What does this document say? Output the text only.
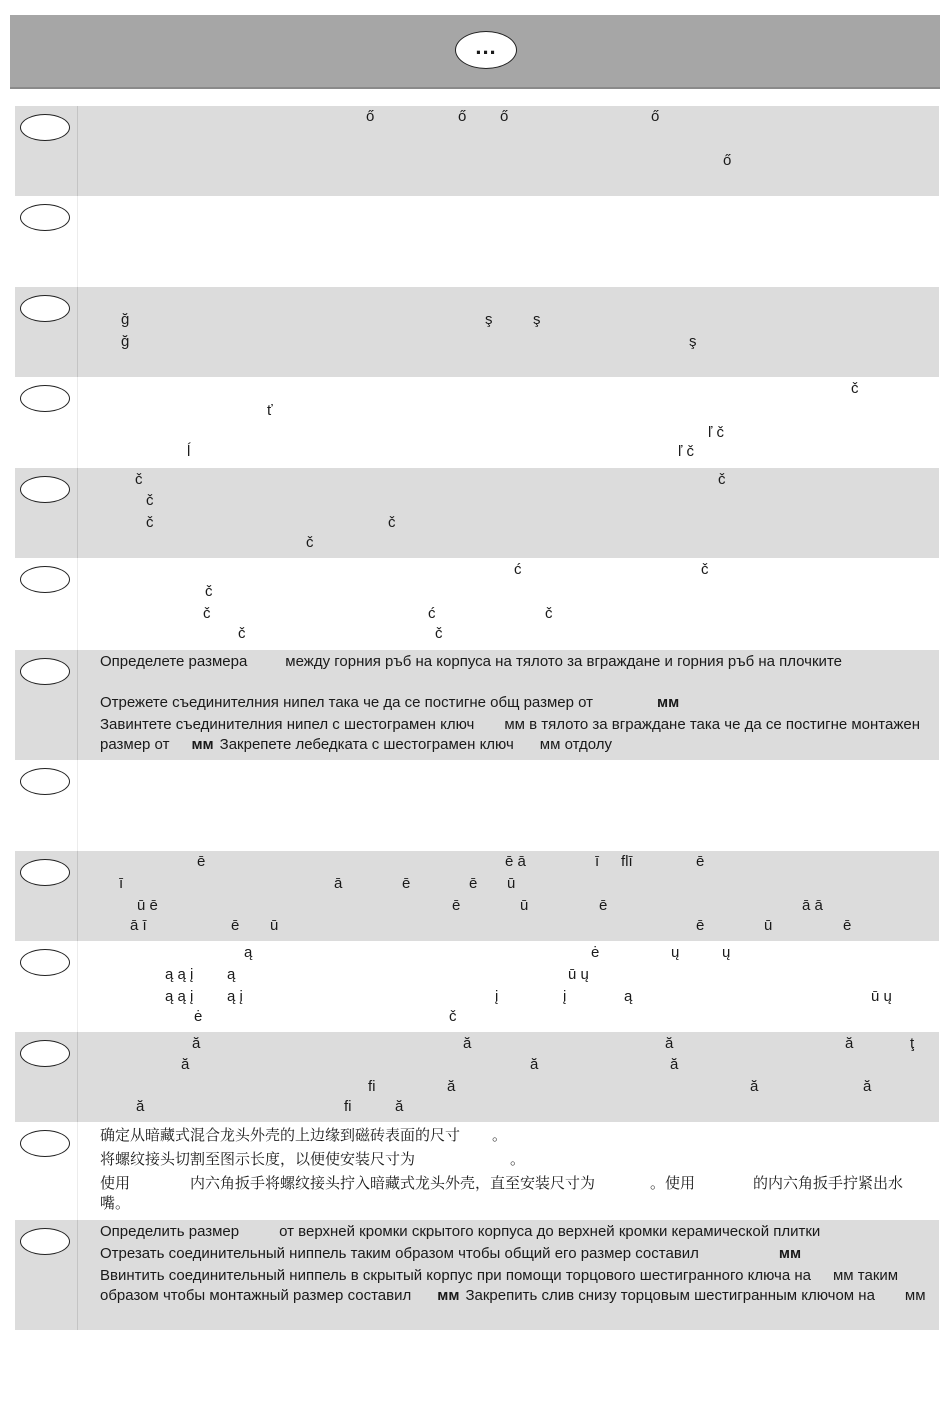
...
ő	ő ő	ő
ő
ğ	ş	ş
ğ	ş
č
ť
ľ č
ĺ	ľ č
č	č
č
č	č
č
ć	č
č
č	ć	č
č	č
Определете размера	между горния ръб на корпуса на тялото за вграждане и горния ръб на плочките
Отрежете съединителния нипел така че да се постигне общ размер от	мм
Завинтете съединителния нипел с шестограмен ключ мм в тялото за вграждане така че да се постигне монтажен размер от мм Закрепете лебедката с шестограмен ключ мм отдолу
ē	ē ā	ī ﬂī	ē
ī	ā	ē	ē ū
ū ē	ē	ū	ē	ā ā
ā ī	ē ū	ē	ū	ē
ą	ė	ų	ų
ą ą į ą	ū ų
ą ą į ą į	į	į	ą	ū ų
ė	č
ă	ă	ă	ă	ţ
ă	ă	ă
ﬁ	ă	ă	ă
ă	ﬁ	ă
确定从暗藏式混合龙头外壳的上边缘到磁砖表面的尺寸 。
将螺纹接头切割至图示长度，以便使安装尺寸为	。
使用	内六角扳手将螺纹接头拧入暗藏式龙头外壳，直至安装尺寸为	。使用	的内六角扳手拧紧出水嘴。
Определить размер	от верхней кромки скрытого корпуса до верхней кромки керамической плитки
Отрезать соединительный ниппель таким образом чтобы общий его размер составил	мм
Ввинтить соединительный ниппель в скрытый корпус при помощи торцового шестигранного ключа на мм таким образом чтобы монтажный размер составил мм Закрепить слив снизу торцовым шестигранным ключом на мм
